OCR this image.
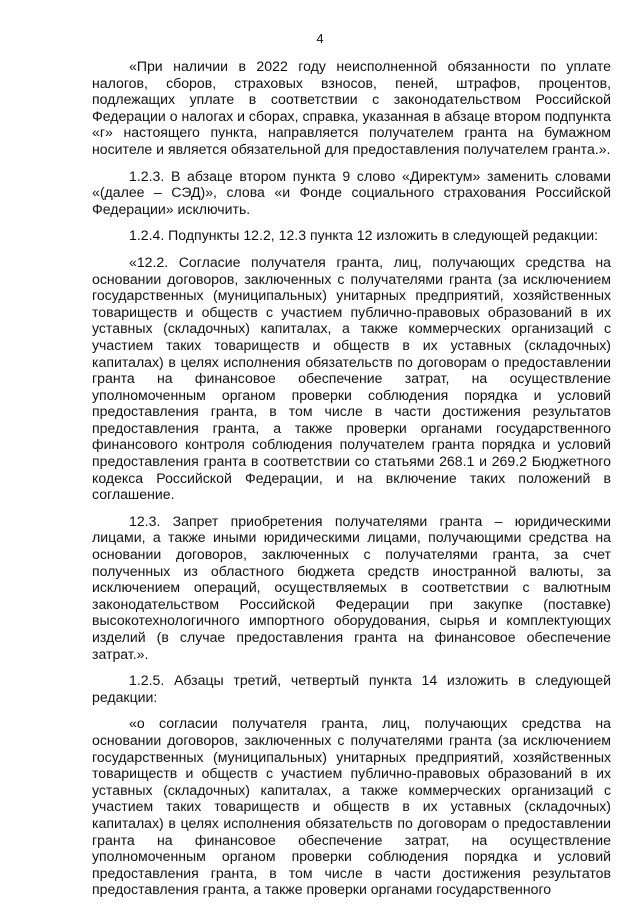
4

«При наличии в 2022 году неисполненной обязанности по уплате налогов, сборов, страховых взносов, пеней, штрафов, процентов, подлежащих уплате в соответствии с законодательством Российской Федерации о налогах и сборах, справка, указанная в абзаце втором подпункта «г» настоящего пункта, направляется получателем гранта на бумажном носителе и является обязательной для предоставления получателем гранта.».

1.2.3. В абзаце втором пункта 9 слово «Директум» заменить словами «(далее – СЭД)», слова «и Фонде социального страхования Российской Федерации» исключить.

1.2.4. Подпункты 12.2, 12.3 пункта 12 изложить в следующей редакции:

«12.2. Согласие получателя гранта, лиц, получающих средства на основании договоров, заключенных с получателями гранта (за исключением государственных (муниципальных) унитарных предприятий, хозяйственных товариществ и обществ с участием публично-правовых образований в их уставных (складочных) капиталах, а также коммерческих организаций с участием таких товариществ и обществ в их уставных (складочных) капиталах) в целях исполнения обязательств по договорам о предоставлении гранта на финансовое обеспечение затрат, на осуществление уполномоченным органом проверки соблюдения порядка и условий предоставления гранта, в том числе в части достижения результатов предоставления гранта, а также проверки органами государственного финансового контроля соблюдения получателем гранта порядка и условий предоставления гранта в соответствии со статьями 268.1 и 269.2 Бюджетного кодекса Российской Федерации, и на включение таких положений в соглашение.

12.3. Запрет приобретения получателями гранта – юридическими лицами, а также иными юридическими лицами, получающими средства на основании договоров, заключенных с получателями гранта, за счет полученных из областного бюджета средств иностранной валюты, за исключением операций, осуществляемых в соответствии с валютным законодательством Российской Федерации при закупке (поставке) высокотехнологичного импортного оборудования, сырья и комплектующих изделий (в случае предоставления гранта на финансовое обеспечение затрат.».

1.2.5. Абзацы третий, четвертый пункта 14 изложить в следующей редакции:

«о согласии получателя гранта, лиц, получающих средства на основании договоров, заключенных с получателями гранта (за исключением государственных (муниципальных) унитарных предприятий, хозяйственных товариществ и обществ с участием публично-правовых образований в их уставных (складочных) капиталах, а также коммерческих организаций с участием таких товариществ и обществ в их уставных (складочных) капиталах) в целях исполнения обязательств по договорам о предоставлении гранта на финансовое обеспечение затрат, на осуществление уполномоченным органом проверки соблюдения порядка и условий предоставления гранта, в том числе в части достижения результатов предоставления гранта, а также проверки органами государственного
